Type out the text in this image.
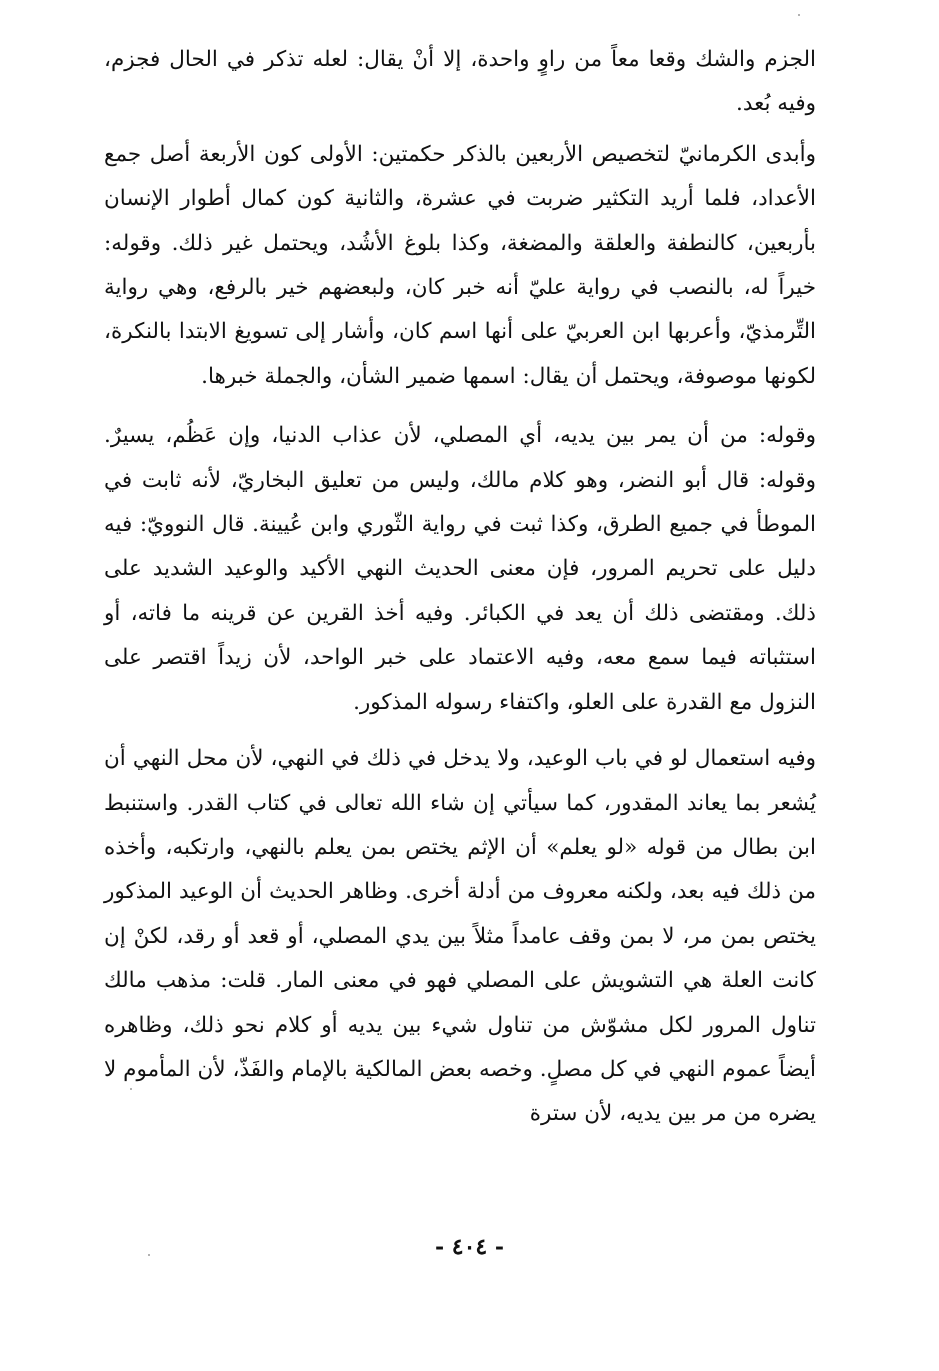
الجزم والشك وقعا معاً من راوٍ واحدة، إلا أنْ يقال: لعله تذكر في الحال فجزم، وفيه بُعد.

وأبدى الكرمانيّ لتخصيص الأربعين بالذكر حكمتين: الأولى كون الأربعة أصل جمع الأعداد، فلما أريد التكثير ضربت في عشرة، والثانية كون كمال أطوار الإنسان بأربعين، كالنطفة والعلقة والمضغة، وكذا بلوغ الأشُد، ويحتمل غير ذلك. وقوله: خيراً له، بالنصب في رواية عليّ أنه خبر كان، ولبعضهم خير بالرفع، وهي رواية التِّرمذيّ، وأعربها ابن العربيّ على أنها اسم كان، وأشار إلى تسويغ الابتدا بالنكرة، لكونها موصوفة، ويحتمل أن يقال: اسمها ضمير الشأن، والجملة خبرها.

وقوله: من أن يمر بين يديه، أي المصلي، لأن عذاب الدنيا، وإن عَظُم، يسيرٌ. وقوله: قال أبو النضر، وهو كلام مالك، وليس من تعليق البخاريّ، لأنه ثابت في الموطأ في جميع الطرق، وكذا ثبت في رواية الثّوري وابن عُيينة. قال النوويّ: فيه دليل على تحريم المرور، فإن معنى الحديث النهي الأكيد والوعيد الشديد على ذلك. ومقتضى ذلك أن يعد في الكبائر. وفيه أخذ القرين عن قرينه ما فاته، أو استثباته فيما سمع معه، وفيه الاعتماد على خبر الواحد، لأن زيداً اقتصر على النزول مع القدرة على العلو، واكتفاء رسوله المذكور.

وفيه استعمال لو في باب الوعيد، ولا يدخل في ذلك في النهي، لأن محل النهي أن يُشعر بما يعاند المقدور، كما سيأتي إن شاء الله تعالى في كتاب القدر. واستنبط ابن بطال من قوله «لو يعلم» أن الإثم يختص بمن يعلم بالنهي، وارتكبه، وأخذه من ذلك فيه بعد، ولكنه معروف من أدلة أخرى. وظاهر الحديث أن الوعيد المذكور يختص بمن مر، لا بمن وقف عامداً مثلاً بين يدي المصلي، أو قعد أو رقد، لكنْ إن كانت العلة هي التشويش على المصلي فهو في معنى المار. قلت: مذهب مالك تناول المرور لكل مشوّش من تناول شيء بين يديه أو كلام نحو ذلك، وظاهره أيضاً عموم النهي في كل مصلٍ. وخصه بعض المالكية بالإمام والفَذّ، لأن المأموم لا يضره من مر بين يديه، لأن سترة

- ٤٠٤ -
